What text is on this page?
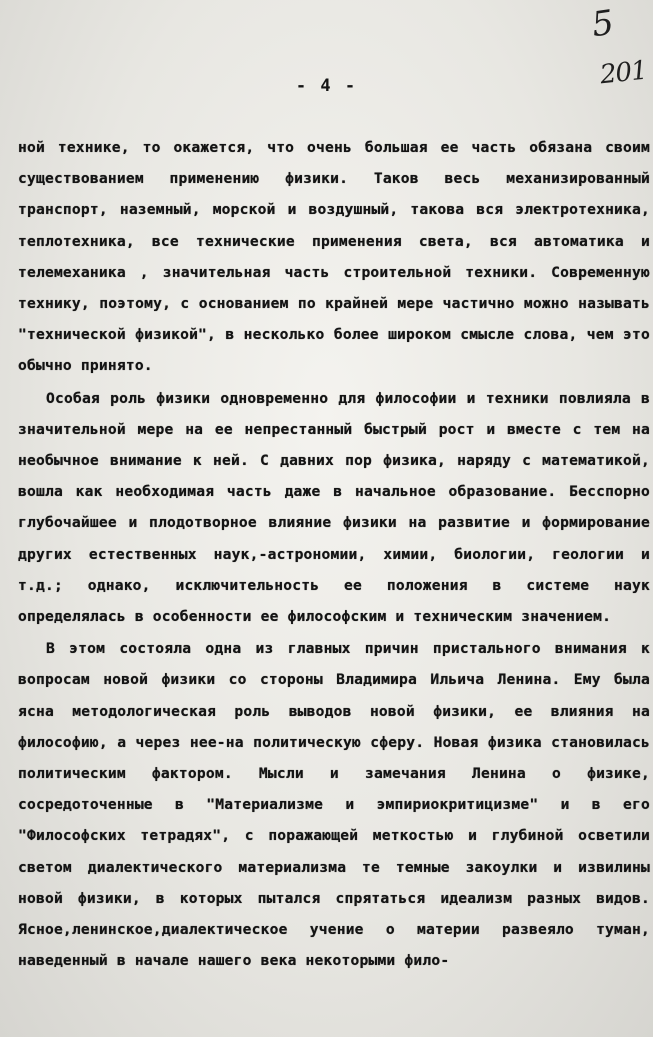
5
201
- 4 -

ной технике, то окажется, что очень большая ее часть обязана своим существованием применению физики. Таков весь механизированный транспорт, наземный, морской и воздушный, такова вся электротехника, теплотехника, все технические применения света, вся автоматика и телемеханика , значительная часть строительной техники. Современную технику, поэтому, с основанием по крайней мере частично можно называть "технической физикой", в несколько более широком смысле слова, чем это обычно принято.

Особая роль физики одновременно для философии и техники повлияла в значительной мере на ее непрестанный быстрый рост и вместе с тем на необычное внимание к ней. С давних пор физика, наряду с математикой, вошла как необходимая часть даже в начальное образование. Бесспорно глубочайшее и плодотворное влияние физики на развитие и формирование других естественных наук,-астрономии, химии, биологии, геологии и т.д.; однако, исключительность ее положения в системе наук определялась в особенности ее философским и техническим значением.

В этом состояла одна из главных причин пристального внимания к вопросам новой физики со стороны Владимира Ильича Ленина. Ему была ясна методологическая роль выводов новой физики, ее влияния на философию, а через нее-на политическую сферу. Новая физика становилась политическим фактором. Мысли и замечания Ленина о физике, сосредоточенные в "Материализме и эмпириокритицизме" и в его "Философских тетрадях", с поражающей меткостью и глубиной осветили светом диалектического материализма те темные закоулки и извилины новой физики, в которых пытался спрятаться идеализм разных видов. Ясное,ленинское,диалектическое учение о материи развеяло туман, наведенный в начале нашего века некоторыми фило-
